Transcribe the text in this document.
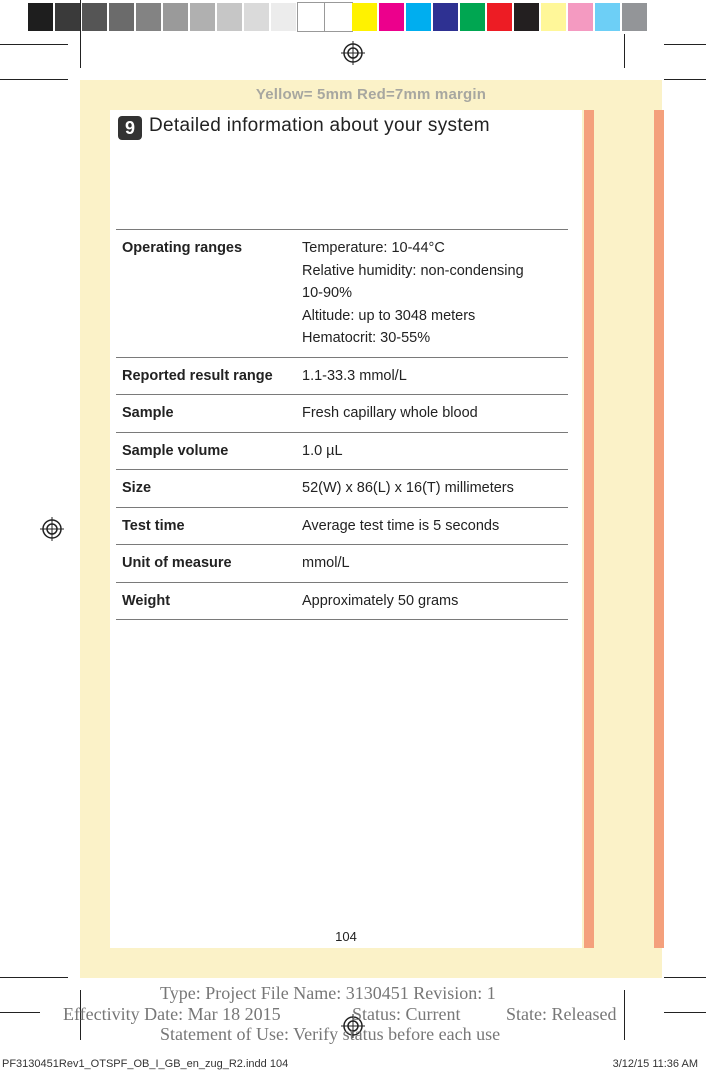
Yellow= 5mm Red=7mm margin
9 Detailed information about your system
Operating ranges	Temperature: 10-44°C
Relative humidity: non-condensing
10-90%
Altitude: up to 3048 meters
Hematocrit: 30-55%

Reported result range	1.1-33.3 mmol/L

Sample	Fresh capillary whole blood

Sample volume	1.0 µL

Size	52(W) x 86(L) x 16(T) millimeters

Test time	Average test time is 5 seconds

Unit of measure	mmol/L

Weight	Approximately 50 grams
104
Type: Project File Name: 3130451 Revision: 1
Effectivity Date: Mar 18 2015	Status: Current	State: Released
Statement of Use: Verify status before each use
PF3130451Rev1_OTSPF_OB_I_GB_en_zug_R2.indd 104	3/12/15 11:36 AM
